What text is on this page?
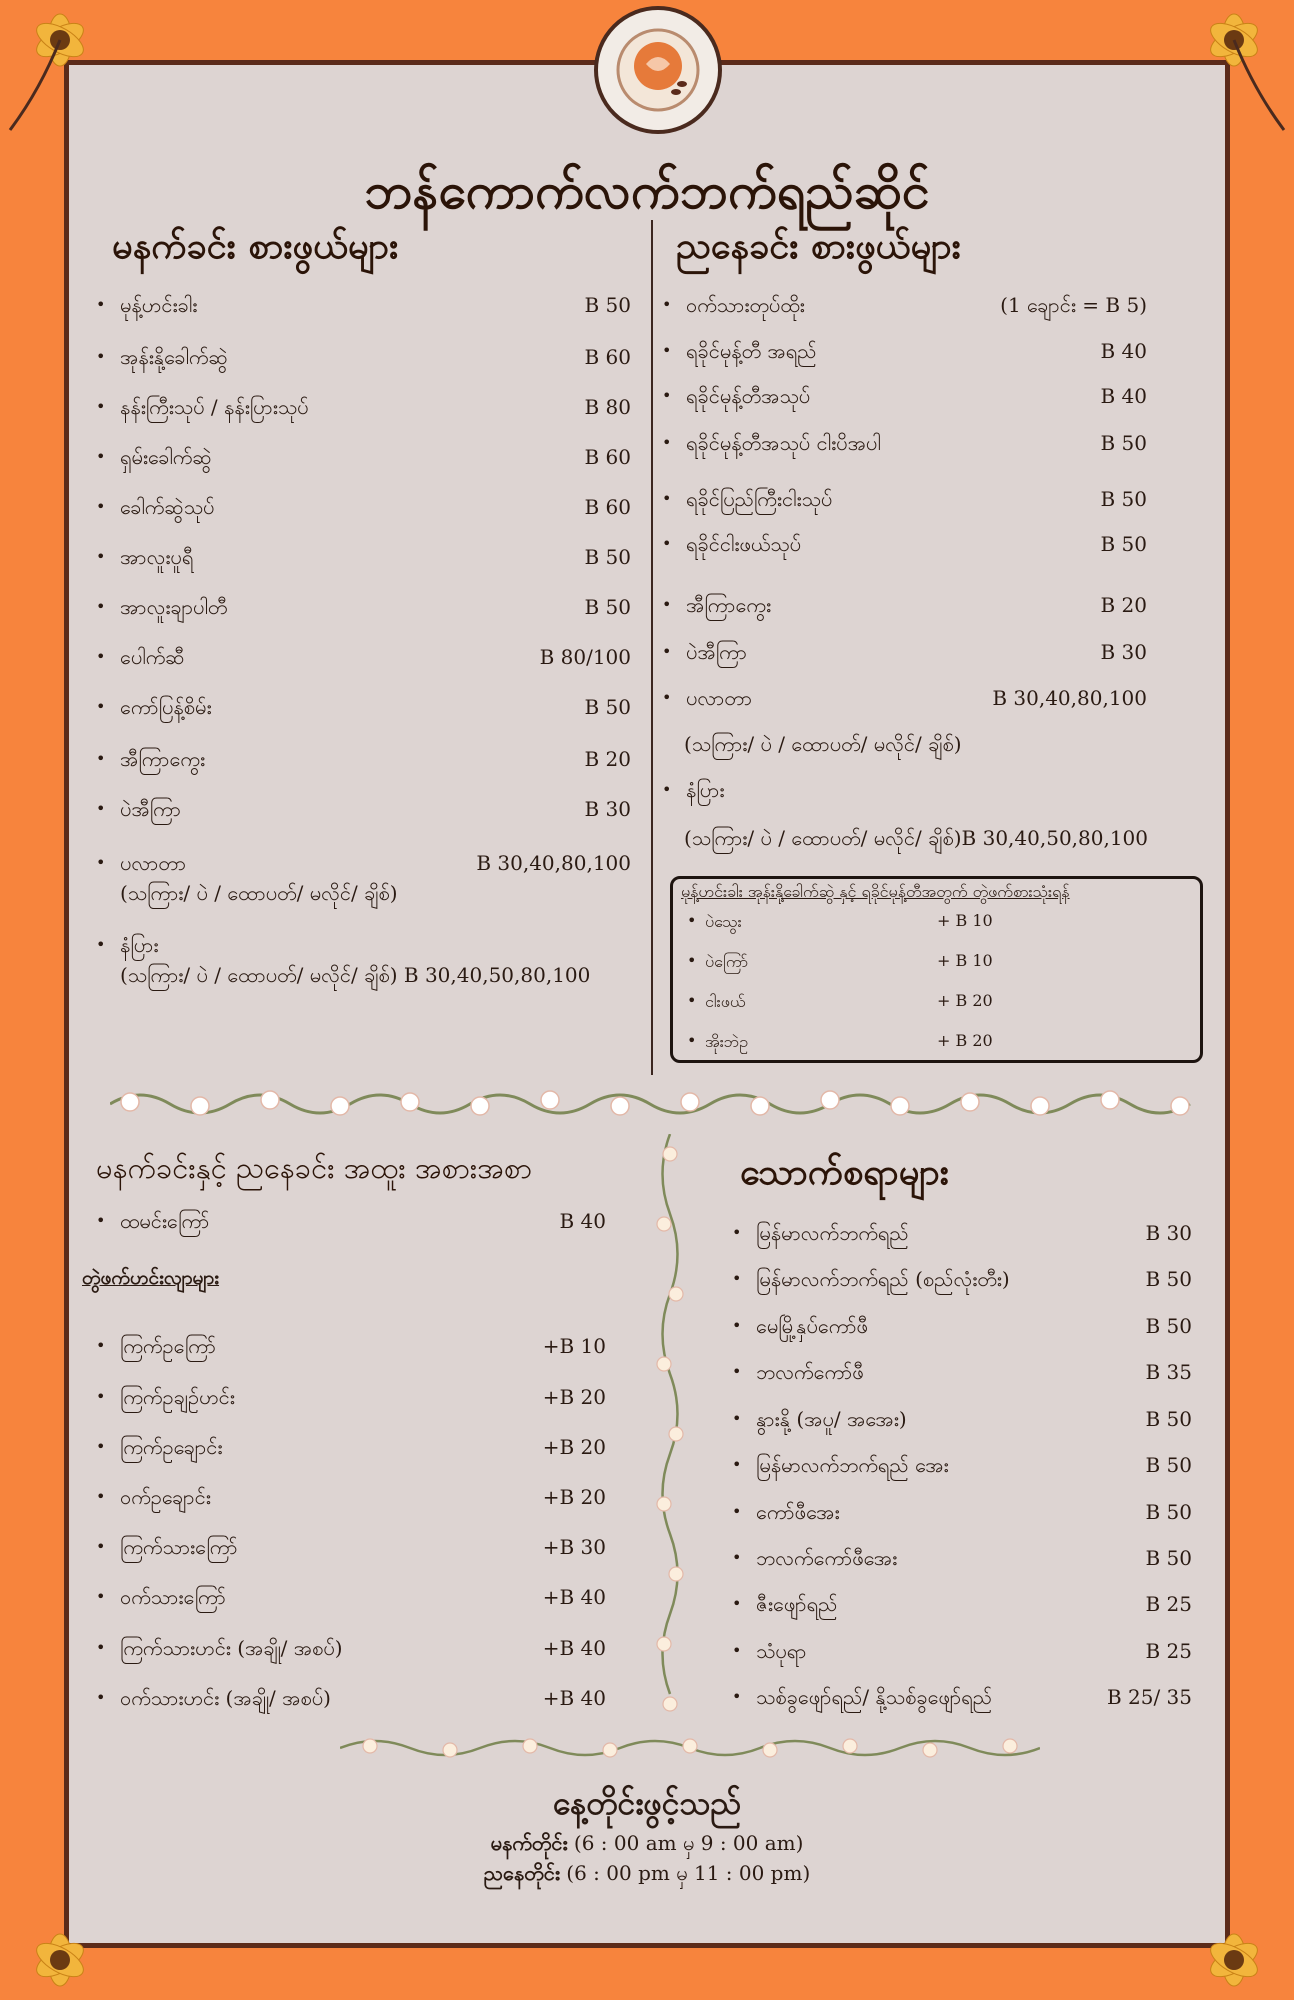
ဘန်ကောက်လက်ဘက်ရည်ဆိုင်
မနက်ခင်း စားဖွယ်များ
• မုန့်ဟင်းခါး	B 50
• အုန်းနို့ခေါက်ဆွဲ	B 60
• နန်းကြီးသုပ် / နန်းပြားသုပ်	B 80
• ရှမ်းခေါက်ဆွဲ	B 60
• ခေါက်ဆွဲသုပ်	B 60
• အာလူးပူရီ	B 50
• အာလူးချာပါတီ	B 50
• ပေါက်ဆီ	B 80/100
• ကော်ပြန့်စိမ်း	B 50
• အီကြာကွေး	B 20
• ပဲအီကြာ	B 30
• ပလာတာ	B 30,40,80,100
(သကြား/ ပဲ / ထောပတ်/ မလိုင်/ ချိစ်)
• နံပြား
(သကြား/ ပဲ / ထောပတ်/ မလိုင်/ ချိစ်) B 30,40,50,80,100
ညနေခင်း စားဖွယ်များ
• ဝက်သားတုပ်ထိုး	(1 ချောင်း = B 5)
• ရခိုင်မုန့်တီ အရည်	B 40
• ရခိုင်မုန့်တီအသုပ်	B 40
• ရခိုင်မုန့်တီအသုပ် ငါးပိအပါ	B 50
• ရခိုင်ပြည်ကြီးငါးသုပ်	B 50
• ရခိုင်ငါးဖယ်သုပ်	B 50
• အီကြာကွေး	B 20
• ပဲအီကြာ	B 30
• ပလာတာ	B 30,40,80,100
• နံပြား
(သကြား/ ပဲ / ထောပတ်/ မလိုင်/ ချိစ်)
(သကြား/ ပဲ / ထောပတ်/ မလိုင်/ ချိစ်)B 30,40,50,80,100
မုန့်ဟင်းခါး အုန်းနို့ခေါက်ဆွဲ နှင့် ရခိုင်မုန့်တီအတွက် တွဲဖက်စားသုံးရန်
• ပဲသွေး	+ B 10
• ပဲကြော်	+ B 10
• ငါးဖယ်	+ B 20
• အိုးဘဲဥ	+ B 20
မနက်ခင်းနှင့် ညနေခင်း အထူး အစားအစာ
• ထမင်းကြော်	B 40
တွဲဖက်ဟင်းလျာများ
• ကြက်ဥကြော်	+B 10
• ကြက်ဥချဉ်ဟင်း	+B 20
• ကြက်ဥချောင်း	+B 20
• ဝက်ဥချောင်း	+B 20
• ကြက်သားကြော်	+B 30
• ဝက်သားကြော်	+B 40
• ကြက်သားဟင်း (အချို/ အစပ်)	+B 40
• ဝက်သားဟင်း (အချို/ အစပ်)	+B 40
သောက်စရာများ
• မြန်မာလက်ဘက်ရည်	B 30
• မြန်မာလက်ဘက်ရည် (စည်လုံးတီး)	B 50
• မေမြို့နှပ်ကော်ဖီ	B 50
• ဘလက်ကော်ဖီ	B 35
• နွားနို့ (အပူ/ အအေး)	B 50
• မြန်မာလက်ဘက်ရည် အေး	B 50
• ကော်ဖီအေး	B 50
• ဘလက်ကော်ဖီအေး	B 50
• ဇီးဖျော်ရည်	B 25
• သံပုရာ	B 25
• သစ်ခွဖျော်ရည်/ နို့သစ်ခွဖျော်ရည်	B 25/ 35
နေ့တိုင်းဖွင့်သည်
မနက်တိုင်း (6 : 00 am မှ 9 : 00 am)
ညနေတိုင်း (6 : 00 pm မှ 11 : 00 pm)
